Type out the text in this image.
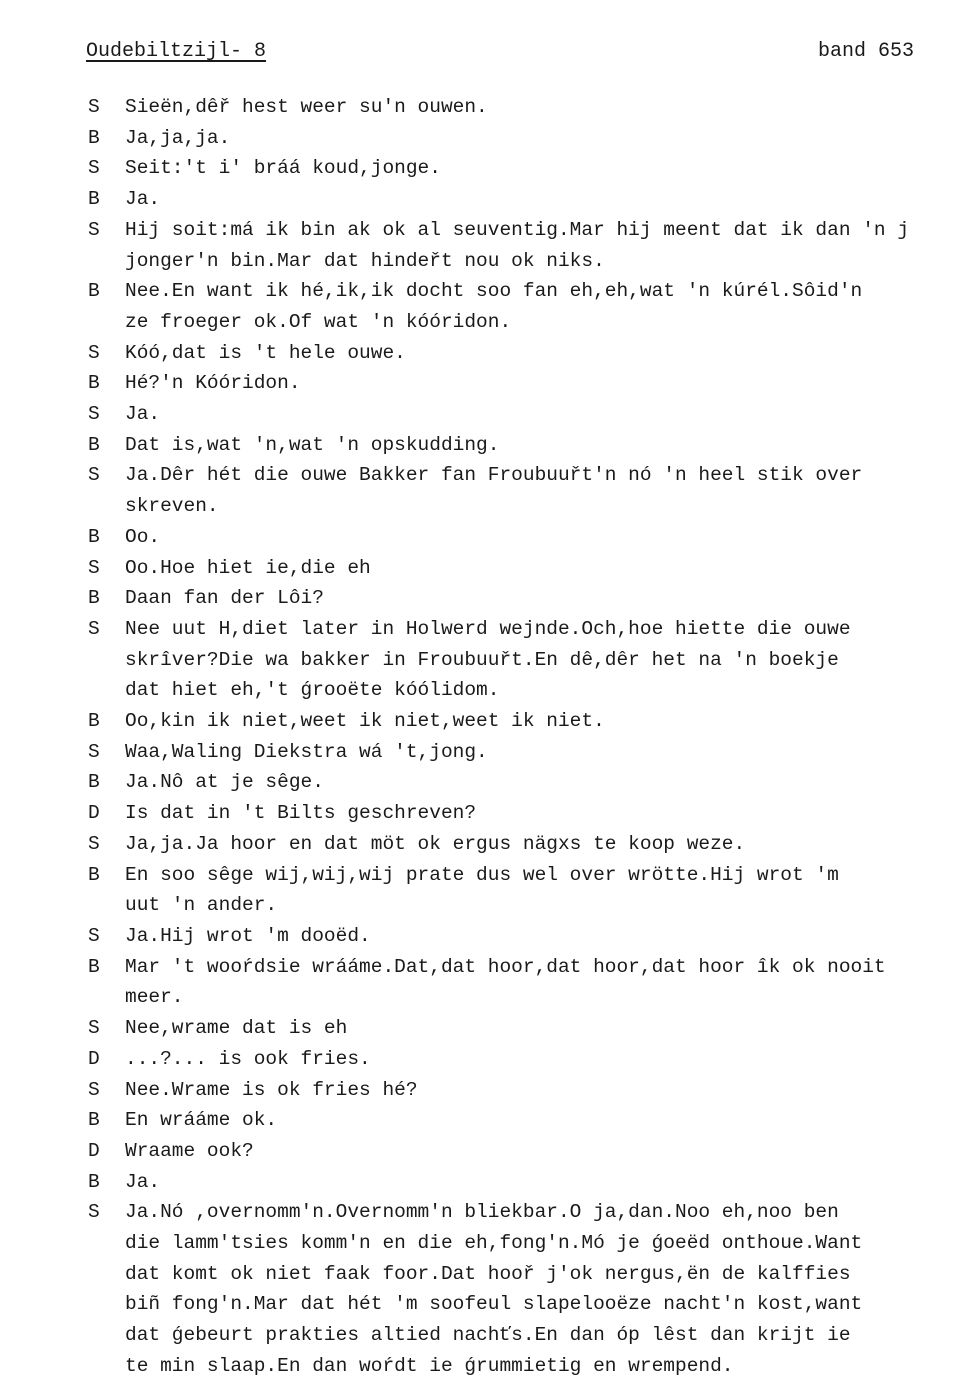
Oudebiltzijl- 8	band 653
S	Sieën,dêř hest weer su'n ouwen.
B	Ja,ja,ja.
S	Seit:'t i' bráá koud,jonge.
B	Ja.
S	Hij soit:má ik bin ak ok al seuventig.Mar hij meent dat ik dan 'n j
jonger'n bin.Mar dat hindeřt nou ok niks.
B	Nee.En want ik hé,ik,ik docht soo fan eh,eh,wat 'n kúrél.Sôid'n
ze froeger ok.Of wat 'n kóóridon.
S	Kóó,dat is 't hele ouwe.
B	Hé?'n Kóóridon.
S	Ja.
B	Dat is,wat 'n,wat 'n opskudding.
S	Ja.Dêr hét die ouwe Bakker fan Froubuuřt'n nó 'n heel stik over
skreven.
B	Oo.
S	Oo.Hoe hiet ie,die eh
B	Daan fan der Lôi?
S	Nee uut H,diet later in Holwerd wejnde.Och,hoe hiette die ouwe
skrîver?Die wa bakker in Froubuuřt.En dê,dêr het na 'n boekje
dat hiet eh,'t ǵrooëte kóólidom.
B	Oo,kin ik niet,weet ik niet,weet ik niet.
S	Waa,Waling Diekstra wá 't,jong.
B	Ja.Nô at je sêge.
D	Is dat in 't Bilts geschreven?
S	Ja,ja.Ja hoor en dat möt ok ergus nägxs te koop weze.
B	En soo sêge wij,wij,wij prate dus wel over wrötte.Hij wrot 'm
uut 'n ander.
S	Ja.Hij wrot 'm dooëd.
B	Mar 't wooŕdsie wrááme.Dat,dat hoor,dat hoor,dat hoor îk ok nooit
meer.
S	Nee,wrame dat is eh
D	...?... is ook fries.
S	Nee.Wrame is ok fries hé?
B	En wrááme ok.
D	Wraame ook?
B	Ja.
S	Ja.Nó ,overnomm'n.Overnomm'n bliekbar.O ja,dan.Noo eh,noo ben
die lamm'tsies komm'n en die eh,fong'n.Mó je ǵoeëd onthoue.Want
dat komt ok niet faak foor.Dat hooř j'ok nergus,ën de kalffies
biñ fong'n.Mar dat hét 'm soofeul slapelooëze nacht'n kost,want
dat ǵebeurt prakties altied nachťs.En dan óp lêst dan krijt ie
te min slaap.En dan woŕdt ie ǵrummietig en wrempend.
